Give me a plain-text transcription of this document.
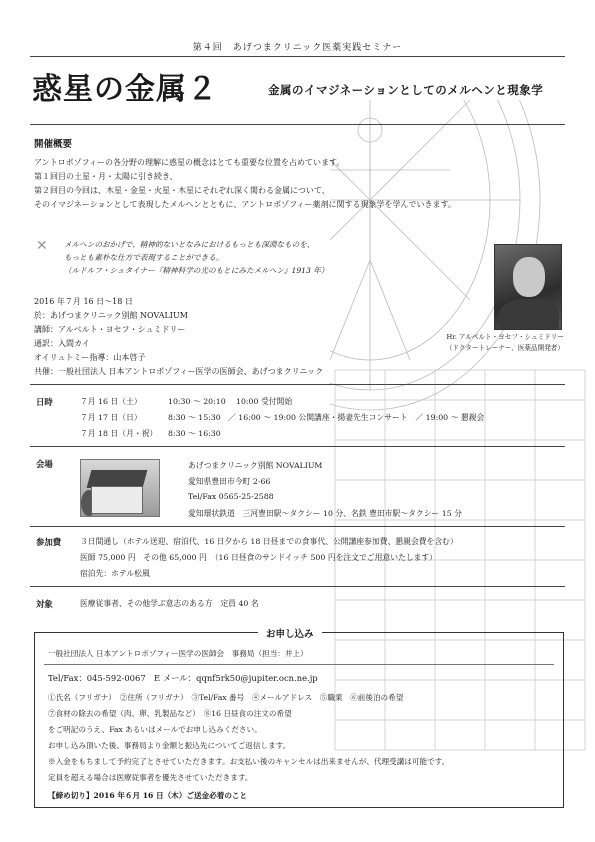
第４回　あげつまクリニック医薬実践セミナー
惑星の金属２	金属のイマジネーションとしてのメルヘンと現象学
開催概要
アントロポゾフィーの各分野の理解に惑星の概念はとても重要な位置を占めています。
第１回目の土星・月・太陽に引き続き、
第２回目の今回は、木星・金星・火星・木星にそれぞれ深く関わる金属について、
そのイマジネーションとして表現したメルヘンとともに、アントロポゾフィー薬剤に関する現象学を学んでいきます。
✕ メルヘンのおかげで、精神的ないとなみにおけるもっとも深淵なものを、
もっとも素朴な仕方で表現することができる。
（ルドルフ・シュタイナー『精神科学の光のもとにみたメルヘン』1913 年）
Hr. アルベルト・ヨセフ・シュミドリー
（ドクタートレーナー、医薬品開発者）
2016 年７月 16 日〜18 日
於：あげつまクリニック別館 NOVALIUM
講師：アルベルト・ヨセフ・シュミドリー
通訳：入間カイ
オイリュトミー指導：山本啓子
共催：一般社団法人 日本アントロポゾフィー医学の医師会、あげつまクリニック
日時	７月 16 日（土）	10:30 〜 20:10 10:00 受付開始
７月 17 日（日）	8:30 〜 15:30 ／ 16:00 〜 19:00 公開講座・揚妻先生コンサート　／ 19:00 〜 懇親会
７月 18 日（月・祝） 8:30 〜 16:30
会場	あげつまクリニック別館 NOVALIUM
愛知県豊田市今町 2-66
Tel/Fax 0565-25-2588
愛知環状鉄道　三河豊田駅〜タクシー 10 分、名鉄 豊田市駅〜タクシー 15 分
参加費 ３日間通し（ホテル送迎、宿泊代、16 日夕から 18 日昼までの食事代、公開講座参加費、懇親会費を含む）
医師 75,000 円　その他 65,000 円　（16 日昼食のサンドイッチ 500 円を注文でご用意いたします）
宿泊先：ホテル松風
対象	医療従事者、その他学ぶ意志のある方　定員 40 名
お申し込み
一般社団法人 日本アントロポゾフィー医学の医師会　事務局（担当：井上）
Tel/Fax：045-592-0067　E メール：qqnf5rk50@jupiter.ocn.ne.jp
①氏名（フリガナ）　②住所（フリガナ）　③Tel/Fax 番号　④メールアドレス　⑤職業　⑥前後泊の希望
⑦食材の除去の希望（肉、卵、乳製品など）　⑧16 日昼食の注文の希望
をご明記のうえ、Fax あるいはメールでお申し込みください。
お申し込み頂いた後、事務局より金額と振込先についてご返信します。
※入金をもちまして予約完了とさせていただきます。お支払い後のキャンセルは出来ませんが、代理受講は可能です。
定員を超える場合は医療従事者を優先させていただきます。
【締め切り】2016 年６月 16 日（木）ご送金必着のこと
